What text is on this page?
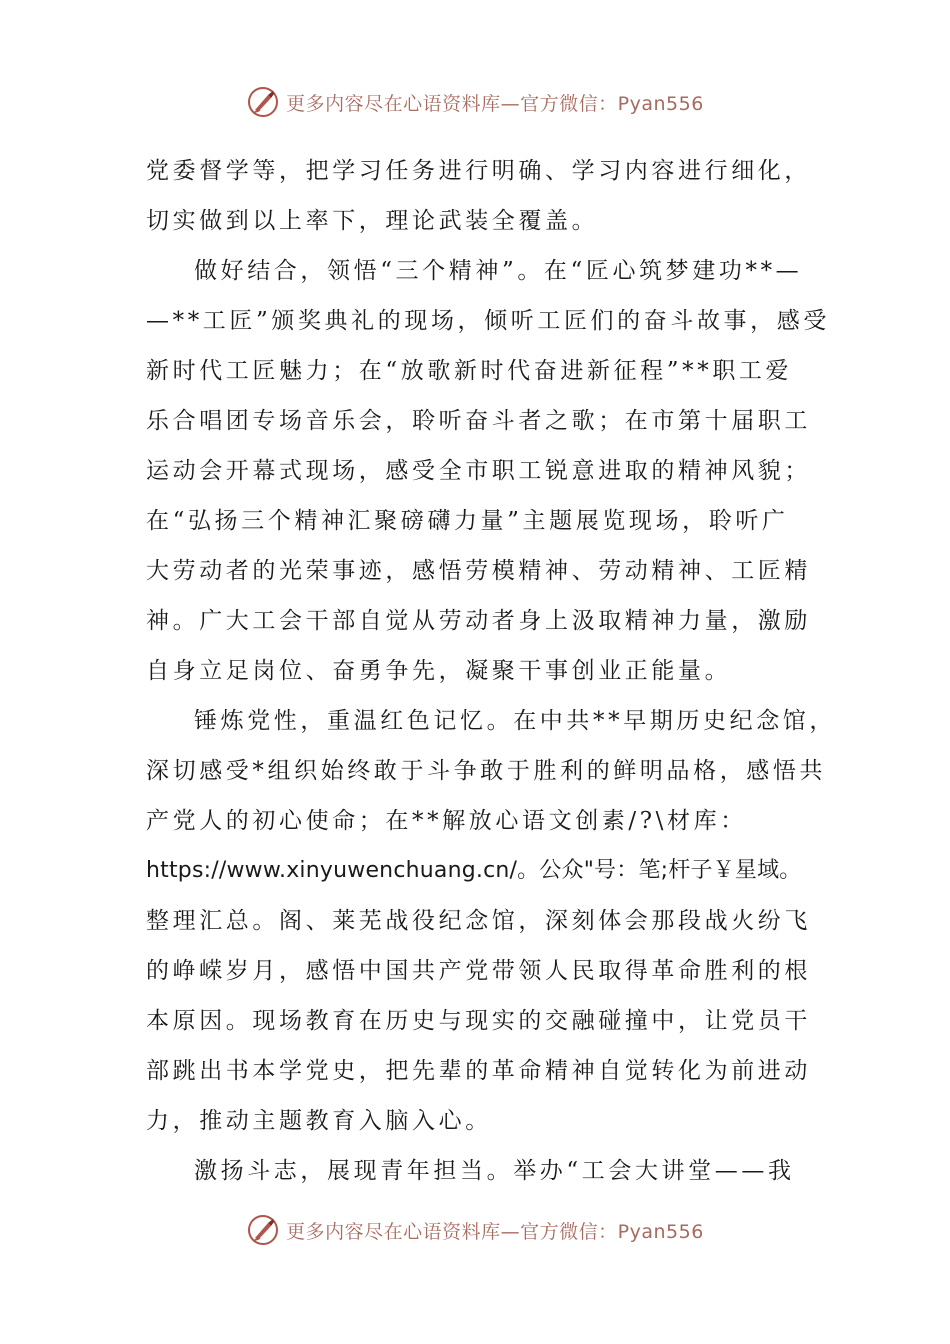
更多内容尽在心语资料库—官方微信：Pyan556
党委督学等，把学习任务进行明确、学习内容进行细化，
切实做到以上率下，理论武装全覆盖。
做好结合，领悟“三个精神”。在“匠心筑梦建功**—
—**工匠”颁奖典礼的现场，倾听工匠们的奋斗故事，感受
新时代工匠魅力；在“放歌新时代奋进新征程”**职工爱
乐合唱团专场音乐会，聆听奋斗者之歌；在市第十届职工
运动会开幕式现场，感受全市职工锐意进取的精神风貌；
在“弘扬三个精神汇聚磅礴力量”主题展览现场，聆听广
大劳动者的光荣事迹，感悟劳模精神、劳动精神、工匠精
神。广大工会干部自觉从劳动者身上汲取精神力量，激励
自身立足岗位、奋勇争先，凝聚干事创业正能量。
锤炼党性，重温红色记忆。在中共**早期历史纪念馆，
深切感受*组织始终敢于斗争敢于胜利的鲜明品格，感悟共
产党人的初心使命；在**解放心语文创素/?\材库：
https://www.xinyuwenchuang.cn/。公众"号：笔;杆子￥星域。
整理汇总。阁、莱芜战役纪念馆，深刻体会那段战火纷飞
的峥嵘岁月，感悟中国共产党带领人民取得革命胜利的根
本原因。现场教育在历史与现实的交融碰撞中，让党员干
部跳出书本学党史，把先辈的革命精神自觉转化为前进动
力，推动主题教育入脑入心。
激扬斗志，展现青年担当。举办“工会大讲堂——我
更多内容尽在心语资料库—官方微信：Pyan556
